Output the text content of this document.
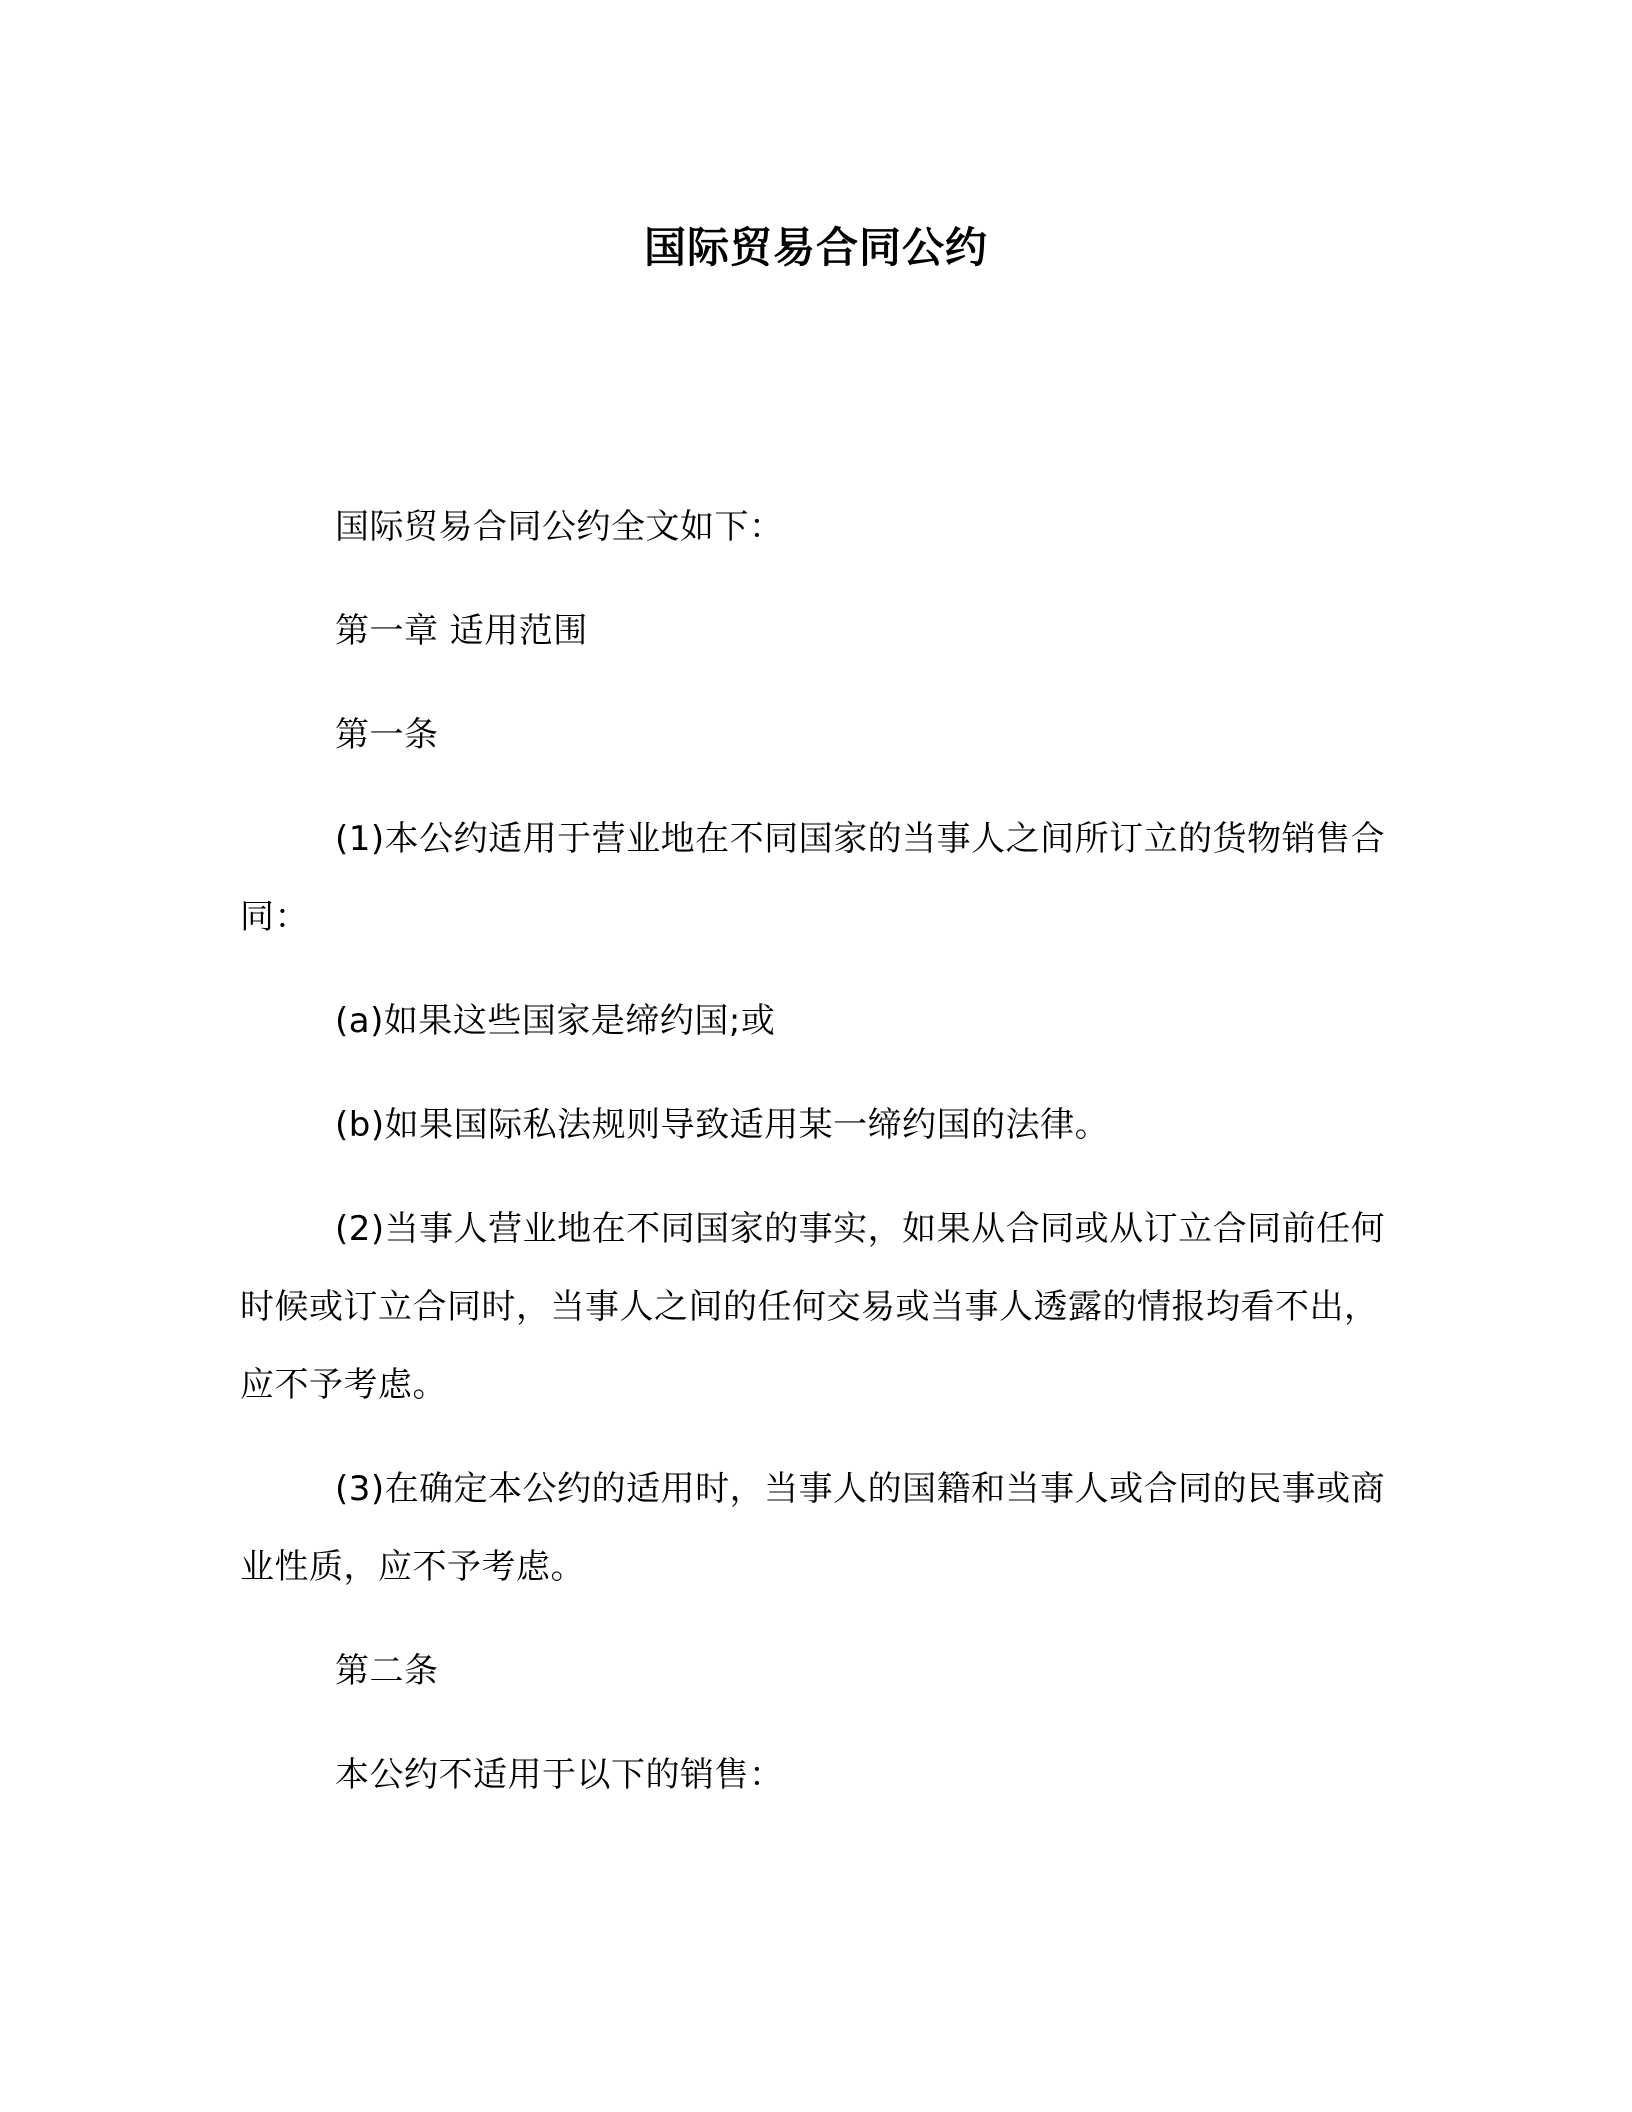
国际贸易合同公约

国际贸易合同公约全文如下：

第一章 适用范围

第一条

(1)本公约适用于营业地在不同国家的当事人之间所订立的货物销售合同：

(a)如果这些国家是缔约国;或

(b)如果国际私法规则导致适用某一缔约国的法律。

(2)当事人营业地在不同国家的事实，如果从合同或从订立合同前任何时候或订立合同时，当事人之间的任何交易或当事人透露的情报均看不出，应不予考虑。

(3)在确定本公约的适用时，当事人的国籍和当事人或合同的民事或商业性质，应不予考虑。

第二条

本公约不适用于以下的销售：
